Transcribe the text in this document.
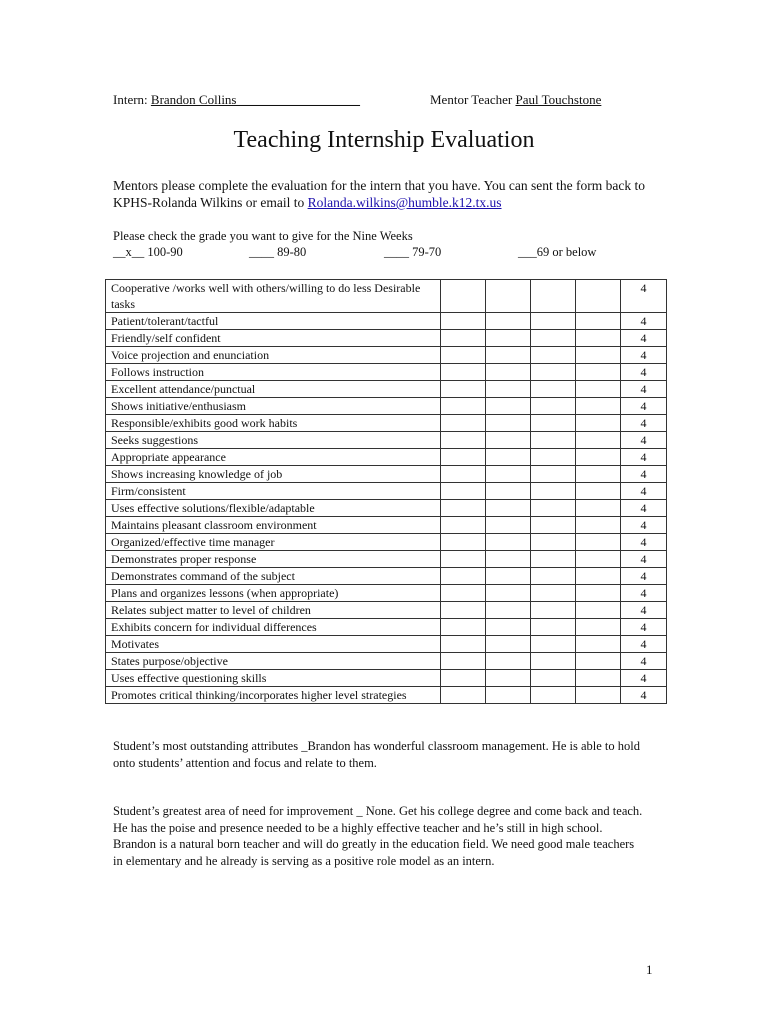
Intern: Brandon Collins___________________	Mentor Teacher Paul Touchstone
Teaching Internship Evaluation
Mentors please complete the evaluation for the intern that you have. You can sent the form back to KPHS-Rolanda Wilkins or email to Rolanda.wilkins@humble.k12.tx.us
Please check the grade you want to give for the Nine Weeks
__x__ 100-90	____ 89-80	____ 79-70	___69 or below
Cooperative /works well with others/willing to do less Desirable tasks					4
Patient/tolerant/tactful					4
Friendly/self confident					4
Voice projection and enunciation					4
Follows instruction					4
Excellent attendance/punctual					4
Shows initiative/enthusiasm					4
Responsible/exhibits good work habits					4
Seeks suggestions					4
Appropriate appearance					4
Shows increasing knowledge of job					4
Firm/consistent					4
Uses effective solutions/flexible/adaptable					4
Maintains pleasant classroom environment					4
Organized/effective time manager					4
Demonstrates proper response					4
Demonstrates command of the subject					4
Plans and organizes lessons (when appropriate)					4
Relates subject matter to level of children					4
Exhibits concern for individual differences					4
Motivates					4
States purpose/objective					4
Uses effective questioning skills					4
Promotes critical thinking/incorporates higher level strategies					4
Student’s most outstanding attributes _Brandon has wonderful classroom management. He is able to hold onto students’ attention and focus and relate to them.
Student’s greatest area of need for improvement _ None. Get his college degree and come back and teach. He has the poise and presence needed to be a highly effective teacher and he’s still in high school. Brandon is a natural born teacher and will do greatly in the education field. We need good male teachers in elementary and he already is serving as a positive role model as an intern.
1
